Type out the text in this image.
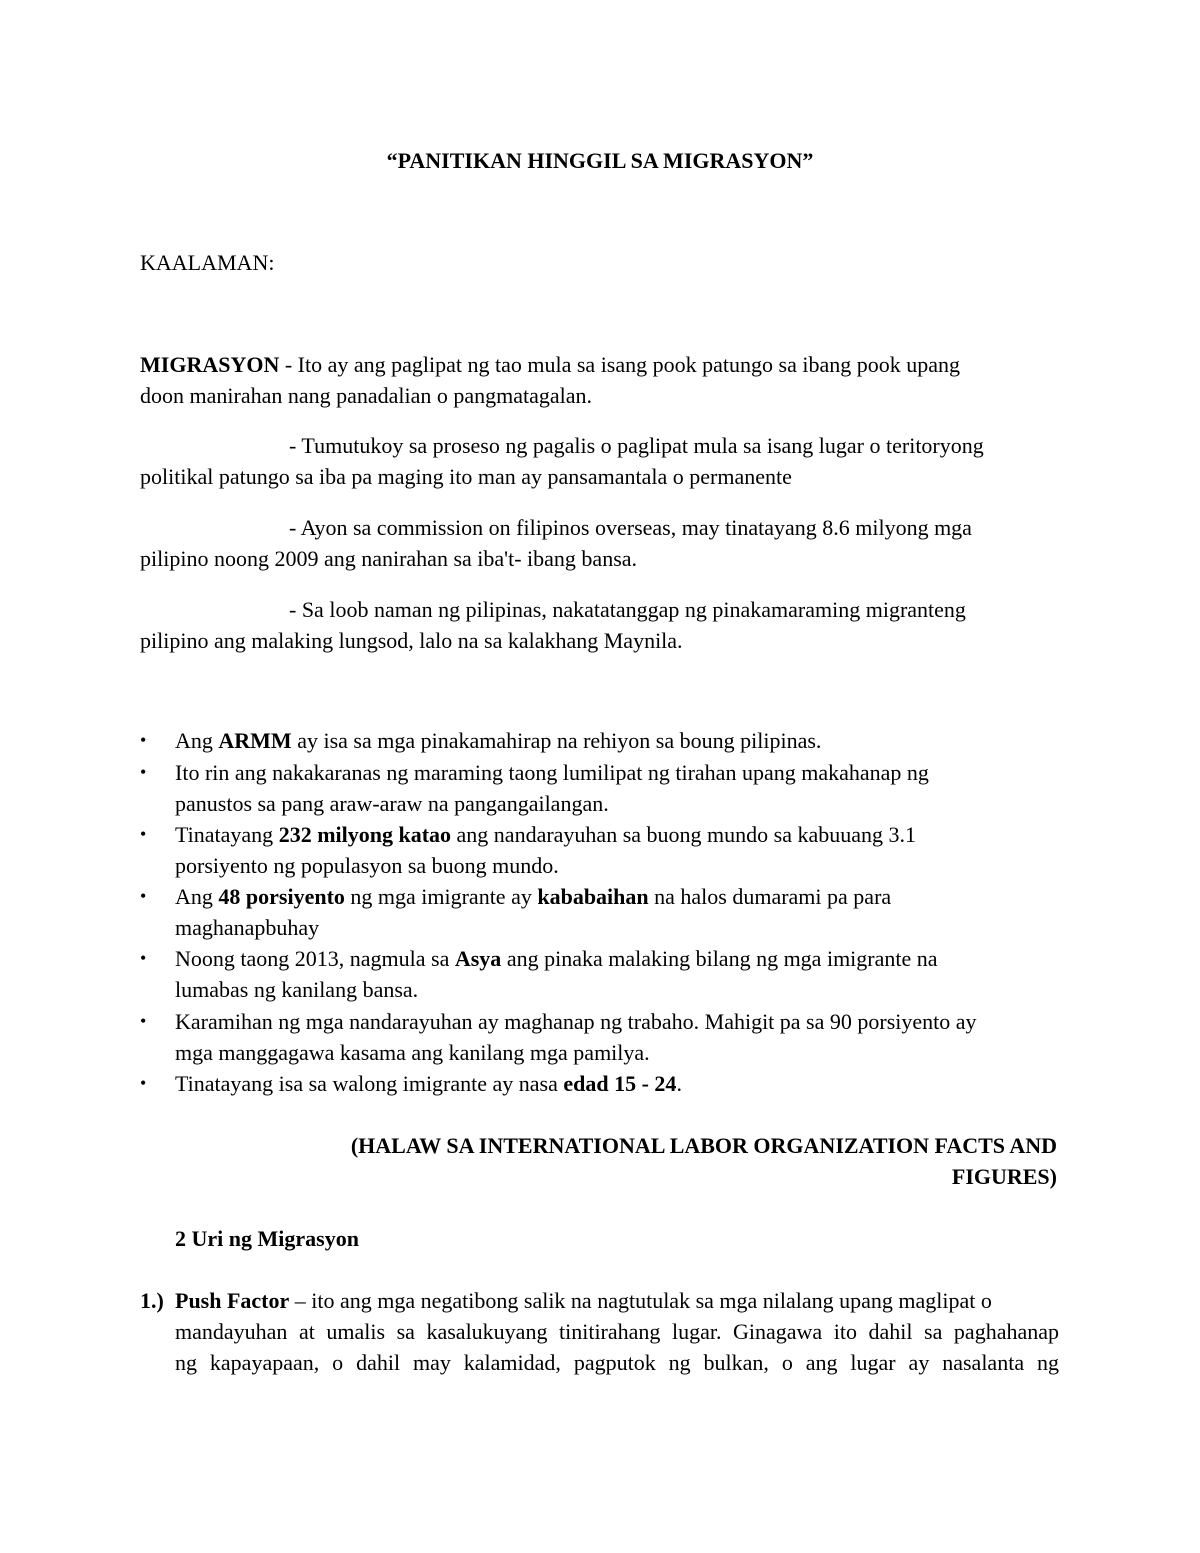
“PANITIKAN HINGGIL SA MIGRASYON”
KAALAMAN:
MIGRASYON - Ito ay ang paglipat ng tao mula sa isang pook patungo sa ibang pook upang
doon manirahan nang panadalian o pangmatagalan.
- Tumutukoy sa proseso ng pagalis o paglipat mula sa isang lugar o teritoryong
politikal patungo sa iba pa maging ito man ay pansamantala o permanente
- Ayon sa commission on filipinos overseas, may tinatayang 8.6 milyong mga
pilipino noong 2009 ang nanirahan sa iba't- ibang bansa.
- Sa loob naman ng pilipinas, nakatatanggap ng pinakamaraming migranteng
pilipino ang malaking lungsod, lalo na sa kalakhang Maynila.
• Ang ARMM ay isa sa mga pinakamahirap na rehiyon sa boung pilipinas.
• Ito rin ang nakakaranas ng maraming taong lumilipat ng tirahan upang makahanap ng
panustos sa pang araw-araw na pangangailangan.
• Tinatayang 232 milyong katao ang nandarayuhan sa buong mundo sa kabuuang 3.1
porsiyento ng populasyon sa buong mundo.
• Ang 48 porsiyento ng mga imigrante ay kababaihan na halos dumarami pa para
maghanapbuhay
• Noong taong 2013, nagmula sa Asya ang pinaka malaking bilang ng mga imigrante na
lumabas ng kanilang bansa.
• Karamihan ng mga nandarayuhan ay maghanap ng trabaho. Mahigit pa sa 90 porsiyento ay
mga manggagawa kasama ang kanilang mga pamilya.
• Tinatayang isa sa walong imigrante ay nasa edad 15 - 24.
(HALAW SA INTERNATIONAL LABOR ORGANIZATION FACTS AND
FIGURES)
2 Uri ng Migrasyon
1.) Push Factor – ito ang mga negatibong salik na nagtutulak sa mga nilalang upang maglipat o
mandayuhan at umalis sa kasalukuyang tinitirahang lugar. Ginagawa ito dahil sa paghahanap
ng kapayapaan, o dahil may kalamidad, pagputok ng bulkan, o ang lugar ay nasalanta ng
